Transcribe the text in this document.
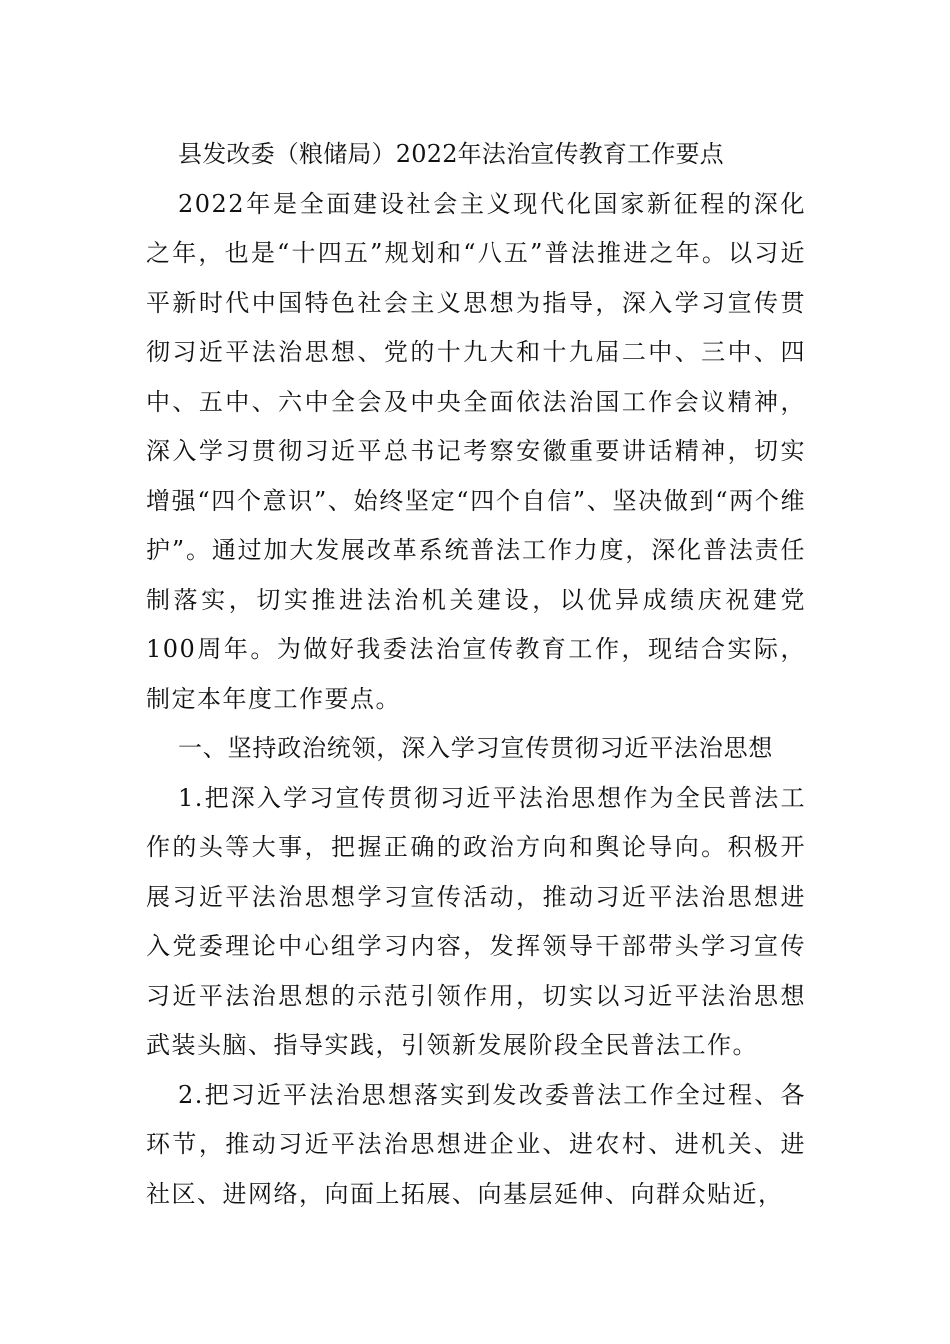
县发改委（粮储局）2022年法治宣传教育工作要点

2022年是全面建设社会主义现代化国家新征程的深化之年，也是“十四五”规划和“八五”普法推进之年。以习近平新时代中国特色社会主义思想为指导，深入学习宣传贯彻习近平法治思想、党的十九大和十九届二中、三中、四中、五中、六中全会及中央全面依法治国工作会议精神，深入学习贯彻习近平总书记考察安徽重要讲话精神，切实增强“四个意识”、始终坚定“四个自信”、坚决做到“两个维护”。通过加大发展改革系统普法工作力度，深化普法责任制落实，切实推进法治机关建设，以优异成绩庆祝建党100周年。为做好我委法治宣传教育工作，现结合实际，制定本年度工作要点。

一、坚持政治统领，深入学习宣传贯彻习近平法治思想

1.把深入学习宣传贯彻习近平法治思想作为全民普法工作的头等大事，把握正确的政治方向和舆论导向。积极开展习近平法治思想学习宣传活动，推动习近平法治思想进入党委理论中心组学习内容，发挥领导干部带头学习宣传习近平法治思想的示范引领作用，切实以习近平法治思想武装头脑、指导实践，引领新发展阶段全民普法工作。

2.把习近平法治思想落实到发改委普法工作全过程、各环节，推动习近平法治思想进企业、进农村、进机关、进社区、进网络，向面上拓展、向基层延伸、向群众贴近，
